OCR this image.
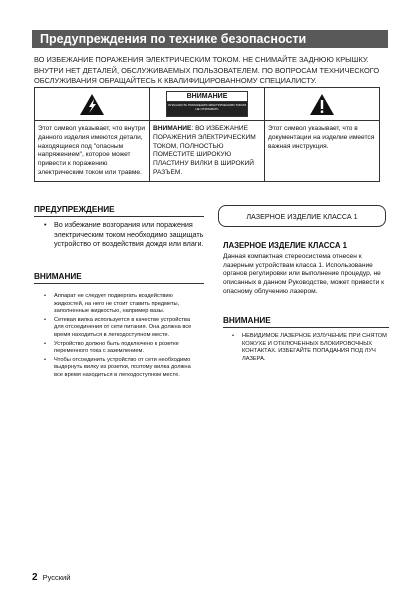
Предупреждения по технике безопасности
ВО ИЗБЕЖАНИЕ ПОРАЖЕНИЯ ЭЛЕКТРИЧЕСКИМ ТОКОМ. НЕ СНИМАЙТЕ ЗАДНЮЮ КРЫШКУ. ВНУТРИ НЕТ ДЕТАЛЕЙ, ОБСЛУЖИВАЕМЫХ ПОЛЬЗОВАТЕЛЕМ. ПО ВОПРОСАМ ТЕХНИЧЕСКОГО ОБСЛУЖИВАНИЯ ОБРАЩАЙТЕСЬ К КВАЛИФИЦИРОВАННОМУ СПЕЦИАЛИСТУ.
ВНИМАНИЕ
ОПАСНОСТЬ ПОРАЖЕНИЯ ЭЛЕКТРИЧЕСКИМ ТОКОМ НЕ ОТКРЫВАТЬ
Этот символ указывает, что внутри данного изделия имеются детали, находящиеся под "опасным напряжением", которое может привести к поражению электрическим током или травме.
ВНИМАНИЕ: ВО ИЗБЕЖАНИЕ ПОРАЖЕНИЯ ЭЛЕКТРИЧЕСКИМ ТОКОМ, ПОЛНОСТЬЮ ПОМЕСТИТЕ ШИРОКУЮ ПЛАСТИНУ ВИЛКИ В ШИРОКИЙ РАЗЪЕМ.
Этот символ указывает, что в документации на изделие имеется важная инструкция.
ПРЕДУПРЕЖДЕНИЕ
• Во избежание возгорания или поражения электрическим током необходимо защищать устройство от воздействия дождя или влаги.
ВНИМАНИЕ
• Аппарат не следует подвергать воздействию жидкостей, на него не стоит ставить предметы, заполненные жидкостью, например вазы.
• Сетевая вилка используется в качестве устройства для отсоединения от сети питания. Она должна все время находиться в легкодоступном месте.
• Устройство должно быть подключено к розетке переменного тока с заземлением.
• Чтобы отсоединить устройство от сети необходимо выдернуть вилку из розетки, поэтому вилка должна все время находиться в легкодоступном месте.
ЛАЗЕРНОЕ ИЗДЕЛИЕ КЛАССА 1
ЛАЗЕРНОЕ ИЗДЕЛИЕ КЛАССА 1
Данная компактная стереосистема отнесен к лазерным устройствам класса 1. Использование органов регулировки или выполнение процедур, не описанных в данном Руководстве, может привести к опасному облучению лазером.
ВНИМАНИЕ
• НЕВИДИМОЕ ЛАЗЕРНОЕ ИЗЛУЧЕНИЕ ПРИ СНЯТОМ КОЖУХЕ И ОТКЛЮЧЕННЫХ БЛОКИРОВОЧНЫХ КОНТАКТАХ. ИЗБЕГАЙТЕ ПОПАДАНИЯ ПОД ЛУЧ ЛАЗЕРА.
2 Русский
